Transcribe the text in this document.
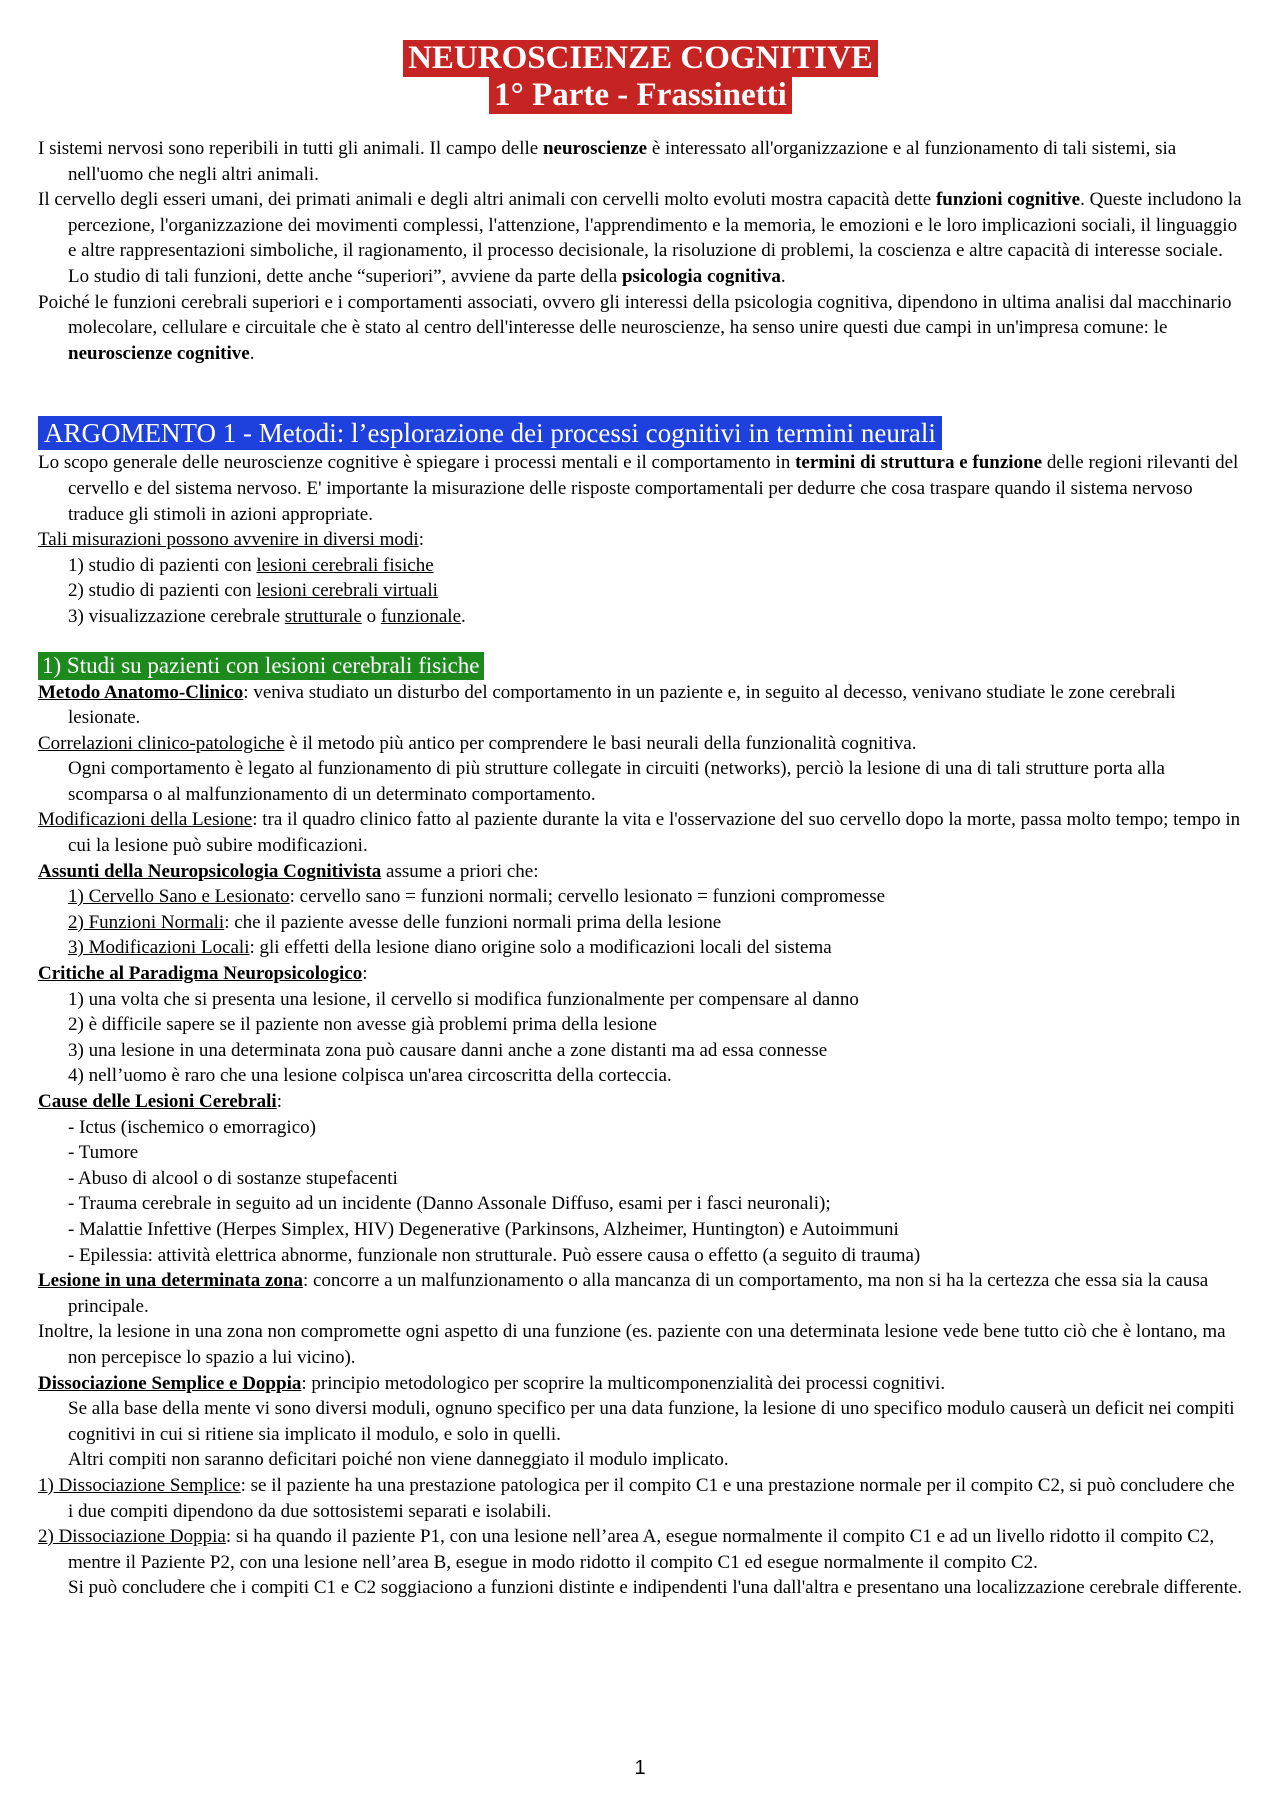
NEUROSCIENZE COGNITIVE
1° Parte - Frassinetti
I sistemi nervosi sono reperibili in tutti gli animali. Il campo delle neuroscienze è interessato all'organizzazione e al funzionamento di tali sistemi, sia nell'uomo che negli altri animali.
Il cervello degli esseri umani, dei primati animali e degli altri animali con cervelli molto evoluti mostra capacità dette funzioni cognitive. Queste includono la percezione, l'organizzazione dei movimenti complessi, l'attenzione, l'apprendimento e la memoria, le emozioni e le loro implicazioni sociali, il linguaggio e altre rappresentazioni simboliche, il ragionamento, il processo decisionale, la risoluzione di problemi, la coscienza e altre capacità di interesse sociale.
Lo studio di tali funzioni, dette anche “superiori”, avviene da parte della psicologia cognitiva.
Poiché le funzioni cerebrali superiori e i comportamenti associati, ovvero gli interessi della psicologia cognitiva, dipendono in ultima analisi dal macchinario molecolare, cellulare e circuitale che è stato al centro dell'interesse delle neuroscienze, ha senso unire questi due campi in un'impresa comune: le neuroscienze cognitive.
ARGOMENTO 1 - Metodi: l’esplorazione dei processi cognitivi in termini neurali
Lo scopo generale delle neuroscienze cognitive è spiegare i processi mentali e il comportamento in termini di struttura e funzione delle regioni rilevanti del cervello e del sistema nervoso. E' importante la misurazione delle risposte comportamentali per dedurre che cosa traspare quando il sistema nervoso traduce gli stimoli in azioni appropriate.
Tali misurazioni possono avvenire in diversi modi:
1) studio di pazienti con lesioni cerebrali fisiche
2) studio di pazienti con lesioni cerebrali virtuali
3) visualizzazione cerebrale strutturale o funzionale.
1) Studi su pazienti con lesioni cerebrali fisiche
Metodo Anatomo-Clinico: veniva studiato un disturbo del comportamento in un paziente e, in seguito al decesso, venivano studiate le zone cerebrali lesionate.
Correlazioni clinico-patologiche è il metodo più antico per comprendere le basi neurali della funzionalità cognitiva.
Ogni comportamento è legato al funzionamento di più strutture collegate in circuiti (networks), perciò la lesione di una di tali strutture porta alla scomparsa o al malfunzionamento di un determinato comportamento.
Modificazioni della Lesione: tra il quadro clinico fatto al paziente durante la vita e l'osservazione del suo cervello dopo la morte, passa molto tempo; tempo in cui la lesione può subire modificazioni.
Assunti della Neuropsicologia Cognitivista assume a priori che:
1) Cervello Sano e Lesionato: cervello sano = funzioni normali; cervello lesionato = funzioni compromesse
2) Funzioni Normali: che il paziente avesse delle funzioni normali prima della lesione
3) Modificazioni Locali: gli effetti della lesione diano origine solo a modificazioni locali del sistema
Critiche al Paradigma Neuropsicologico:
1) una volta che si presenta una lesione, il cervello si modifica funzionalmente per compensare al danno
2) è difficile sapere se il paziente non avesse già problemi prima della lesione
3) una lesione in una determinata zona può causare danni anche a zone distanti ma ad essa connesse
4) nell’uomo è raro che una lesione colpisca un'area circoscritta della corteccia.
Cause delle Lesioni Cerebrali:
- Ictus (ischemico o emorragico)
- Tumore
- Abuso di alcool o di sostanze stupefacenti
- Trauma cerebrale in seguito ad un incidente (Danno Assonale Diffuso, esami per i fasci neuronali);
- Malattie Infettive (Herpes Simplex, HIV) Degenerative (Parkinsons, Alzheimer, Huntington) e Autoimmuni
- Epilessia: attività elettrica abnorme, funzionale non strutturale. Può essere causa o effetto (a seguito di trauma)
Lesione in una determinata zona: concorre a un malfunzionamento o alla mancanza di un comportamento, ma non si ha la certezza che essa sia la causa principale.
Inoltre, la lesione in una zona non compromette ogni aspetto di una funzione (es. paziente con una determinata lesione vede bene tutto ciò che è lontano, ma non percepisce lo spazio a lui vicino).
Dissociazione Semplice e Doppia: principio metodologico per scoprire la multicomponenzialità dei processi cognitivi.
Se alla base della mente vi sono diversi moduli, ognuno specifico per una data funzione, la lesione di uno specifico modulo causerà un deficit nei compiti cognitivi in cui si ritiene sia implicato il modulo, e solo in quelli.
Altri compiti non saranno deficitari poiché non viene danneggiato il modulo implicato.
1) Dissociazione Semplice: se il paziente ha una prestazione patologica per il compito C1 e una prestazione normale per il compito C2, si può concludere che i due compiti dipendono da due sottosistemi separati e isolabili.
2) Dissociazione Doppia: si ha quando il paziente P1, con una lesione nell’area A, esegue normalmente il compito C1 e ad un livello ridotto il compito C2, mentre il Paziente P2, con una lesione nell’area B, esegue in modo ridotto il compito C1 ed esegue normalmente il compito C2.
Si può concludere che i compiti C1 e C2 soggiaciono a funzioni distinte e indipendenti l'una dall'altra e presentano una localizzazione cerebrale differente.
1
